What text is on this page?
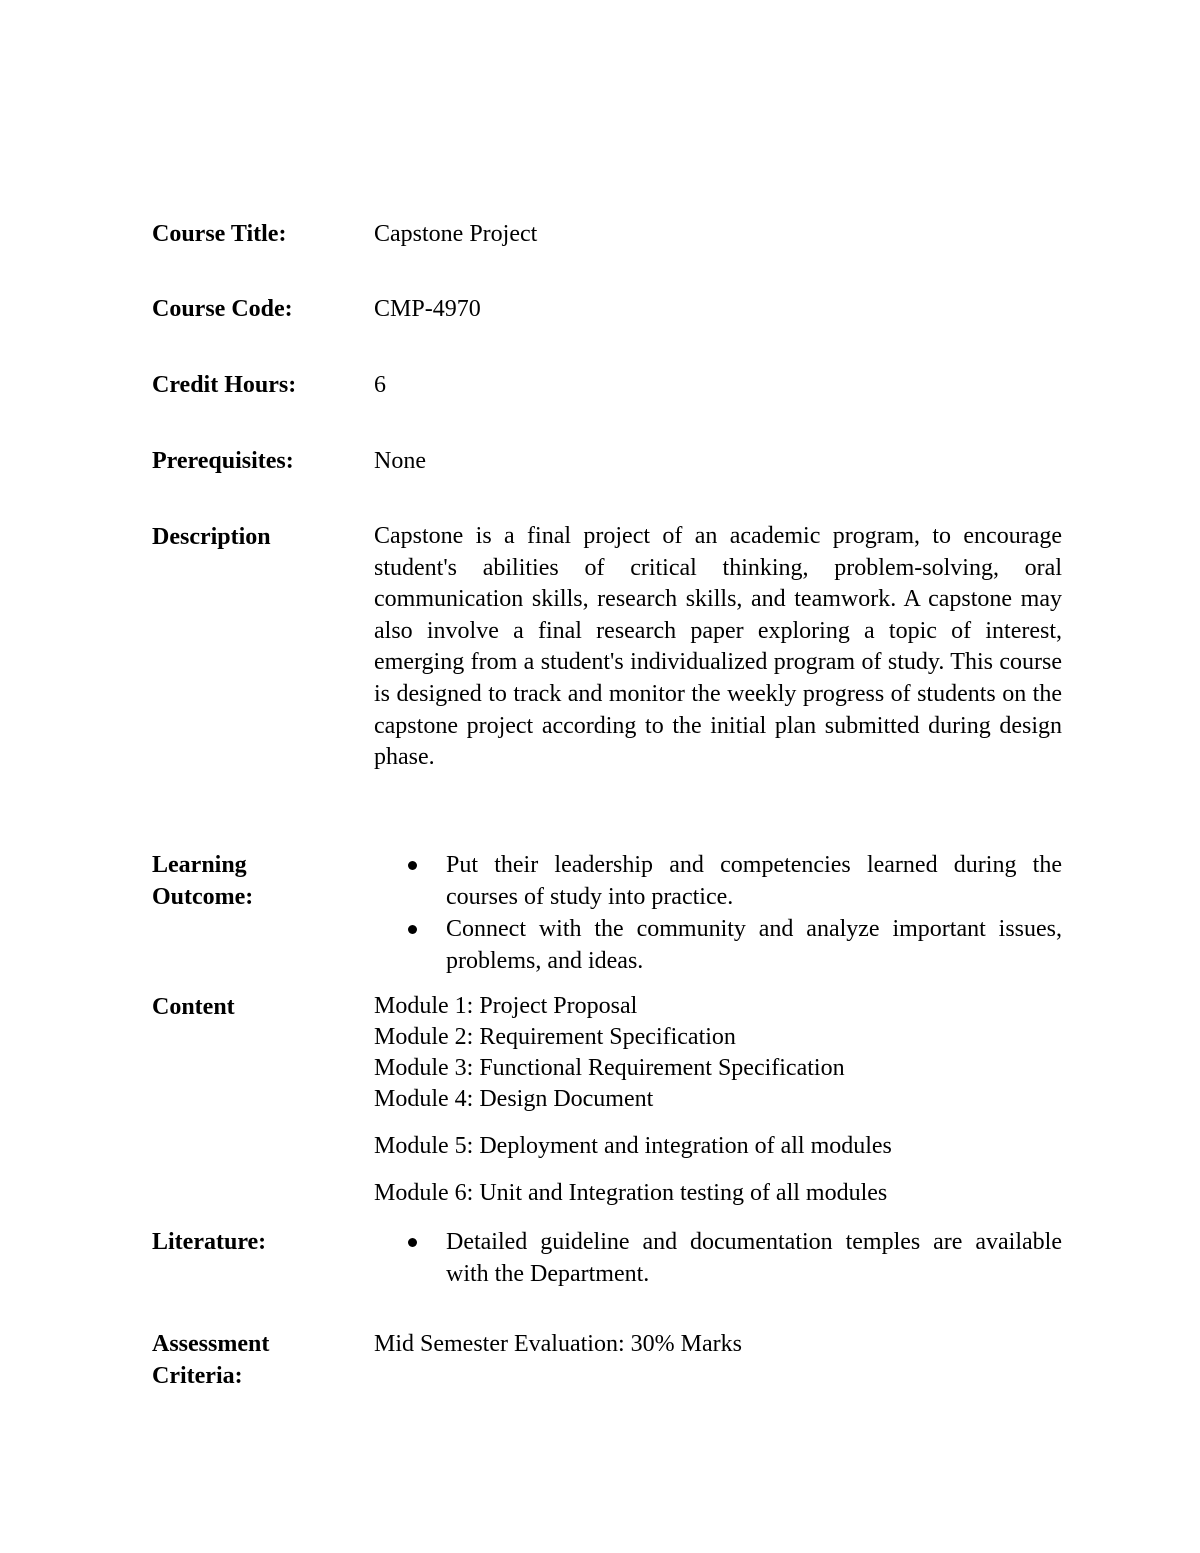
Course Title:	Capstone Project
Course Code:	CMP-4970
Credit Hours:	6
Prerequisites:	None
Description	Capstone is a final project of an academic program, to encourage student's abilities of critical thinking, problem-solving, oral communication skills, research skills, and teamwork. A capstone may also involve a final research paper exploring a topic of interest, emerging from a student's individualized program of study. This course is designed to track and monitor the weekly progress of students on the capstone project according to the initial plan submitted during design phase.
Learning
Outcome:
Put their leadership and competencies learned during the courses of study into practice.
Connect with the community and analyze important issues, problems, and ideas.
Content	Module 1: Project Proposal
Module 2: Requirement Specification
Module 3: Functional Requirement Specification
Module 4: Design Document
Module 5: Deployment and integration of all modules
Module 6: Unit and Integration testing of all modules
Literature:	Detailed guideline and documentation temples are available with the Department.
Assessment
Criteria:
Mid Semester Evaluation: 30% Marks
